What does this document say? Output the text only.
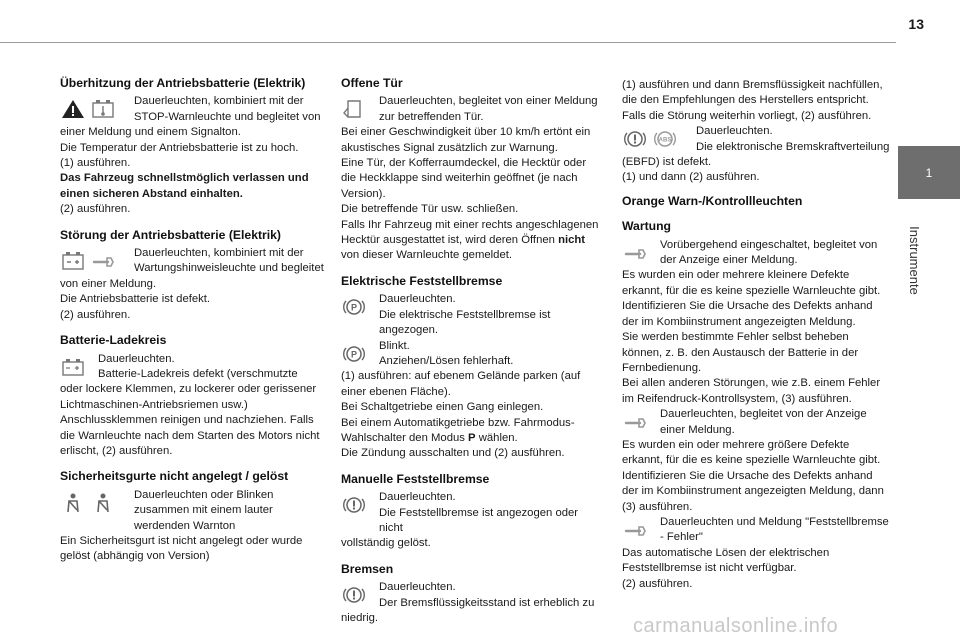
13
1
Instrumente
Überhitzung der Antriebsbatterie (Elektrik)
Dauerleuchten, kombiniert mit der STOP-Warnleuchte und begleitet von

einer Meldung und einem Signalton.

Die Temperatur der Antriebsbatterie ist zu hoch.

(1) ausführen.

Das Fahrzeug schnellstmöglich verlassen und einen sicheren Abstand einhalten.

(2) ausführen.

Störung der Antriebsbatterie (Elektrik)
Dauerleuchten, kombiniert mit der Wartungshinweisleuchte und begleitet

von einer Meldung.

Die Antriebsbatterie ist defekt.

(2) ausführen.

Batterie-Ladekreis
Dauerleuchten.
Batterie-Ladekreis defekt (verschmutzte

oder lockere Klemmen, zu lockerer oder gerissener Lichtmaschinen-Antriebsriemen usw.)

Anschlussklemmen reinigen und nachziehen. Falls die Warnleuchte nach dem Starten des Motors nicht erlischt, (2) ausführen.

Sicherheitsgurte nicht angelegt / gelöst
Dauerleuchten oder Blinken zusammen mit einem lauter werdenden Warnton

Ein Sicherheitsgurt ist nicht angelegt oder wurde gelöst (abhängig von Version)

Offene Tür
Dauerleuchten, begleitet von einer Meldung zur betreffenden Tür.

Bei einer Geschwindigkeit über 10 km/h ertönt ein akustisches Signal zusätzlich zur Warnung.

Eine Tür, der Kofferraumdeckel, die Hecktür oder die Heckklappe sind weiterhin geöffnet (je nach Version).

Die betreffende Tür usw. schließen.

Falls Ihr Fahrzeug mit einer rechts angeschlagenen Hecktür ausgestattet ist, wird deren Öffnen nicht von dieser Warnleuchte gemeldet.

Elektrische Feststellbremse
P
Dauerleuchten.
Die elektrische Feststellbremse ist angezogen.
P
Blinkt.
Anziehen/Lösen fehlerhaft.

(1) ausführen: auf ebenem Gelände parken (auf einer ebenen Fläche).

Bei Schaltgetriebe einen Gang einlegen.

Bei einem Automatikgetriebe bzw. Fahrmodus-Wahlschalter den Modus P wählen.

Die Zündung ausschalten und (2) ausführen.

Manuelle Feststellbremse
Dauerleuchten.
Die Feststellbremse ist angezogen oder nicht

vollständig gelöst.

Bremsen
Dauerleuchten.
Der Bremsflüssigkeitsstand ist erheblich zu

niedrig.

(1) ausführen und dann Bremsflüssigkeit nachfüllen, die den Empfehlungen des Herstellers entspricht. Falls die Störung weiterhin vorliegt, (2) ausführen.

ABS
Dauerleuchten.
Die elektronische Bremskraftverteilung

(EBFD) ist defekt.

(1) und dann (2) ausführen.

Orange Warn-/Kontrollleuchten
Wartung
Vorübergehend eingeschaltet, begleitet von der Anzeige einer Meldung.

Es wurden ein oder mehrere kleinere Defekte erkannt, für die es keine spezielle Warnleuchte gibt.

Identifizieren Sie die Ursache des Defekts anhand der im Kombiinstrument angezeigten Meldung.

Sie werden bestimmte Fehler selbst beheben können, z. B. den Austausch der Batterie in der Fernbedienung.

Bei allen anderen Störungen, wie z.B. einem Fehler im Reifendruck-Kontrollsystem, (3) ausführen.

Dauerleuchten, begleitet von der Anzeige einer Meldung.

Es wurden ein oder mehrere größere Defekte erkannt, für die es keine spezielle Warnleuchte gibt.

Identifizieren Sie die Ursache des Defekts anhand der im Kombiinstrument angezeigten Meldung, dann (3) ausführen.

Dauerleuchten und Meldung "Feststellbremse - Fehler"

Das automatische Lösen der elektrischen Feststellbremse ist nicht verfügbar.

(2) ausführen.

carmanualsonline.info
